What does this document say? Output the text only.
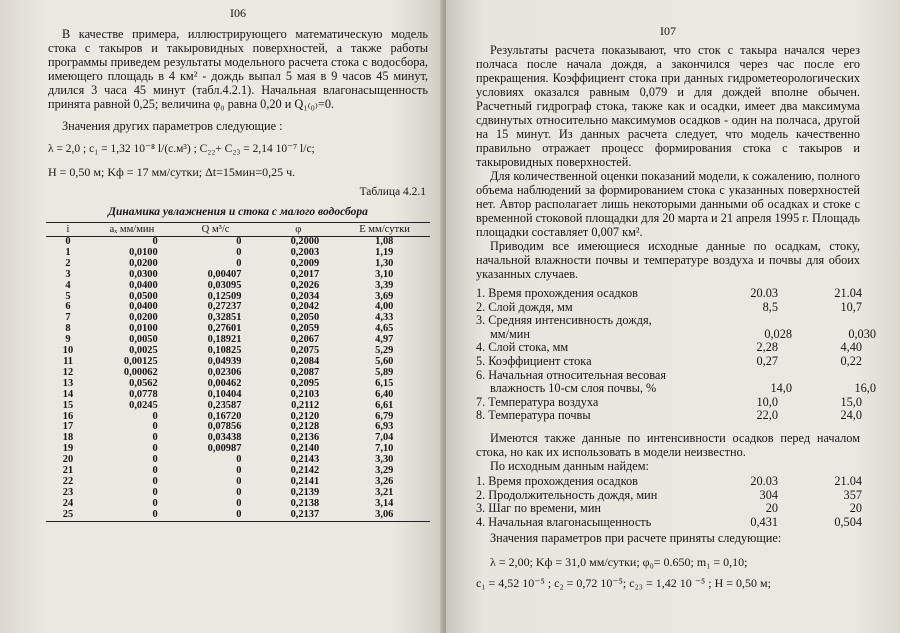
I06

В качестве примера, иллюстрирующего математическую модель стока с такыров и такыровидных поверхностей, а также работы программы приведем результаты модельного расчета стока с водосбора, имеющего площадь в 4 км² - дождь выпал 5 мая в 9 часов 45 минут, длился 3 часа 45 минут (табл.4.2.1). Начальная влагонасыщенность принята равной 0,25; величина φ₀ равна 0,20 и Q₁₍₀₎=0.

Значения других параметров следующие :

λ = 2,0 ; c₁ = 1,32 10⁻⁸ l/(c.м³) ; C₂₂+ C₂₃ = 2,14 10⁻⁷ l/c;
H = 0,50 м; Kф = 17 мм/сутки; Δt=15мин=0,25 ч.
Таблица 4.2.1
Динамика увлажнения и стока с малого водосбора
i	aₓ мм/мин	Q м³/с	φ	E мм/сутки
0	0	0	0,2000	1,08
1	0,0100	0	0,2003	1,19
2	0,0200	0	0,2009	1,30
3	0,0300	0,00407	0,2017	3,10
4	0,0400	0,03095	0,2026	3,39
5	0,0500	0,12509	0,2034	3,69
6	0,0400	0,27237	0,2042	4,00
7	0,0200	0,32851	0,2050	4,33
8	0,0100	0,27601	0,2059	4,65
9	0,0050	0,18921	0,2067	4,97
10	0,0025	0,10825	0,2075	5,29
11	0,00125	0,04939	0,2084	5,60
12	0,00062	0,02306	0,2087	5,89
13	0,0562	0,00462	0,2095	6,15
14	0,0778	0,10404	0,2103	6,40
15	0,0245	0,23587	0,2112	6,61
16	0	0,16720	0,2120	6,79
17	0	0,07856	0,2128	6,93
18	0	0,03438	0,2136	7,04
19	0	0,00987	0,2140	7,10
20	0	0	0,2143	3,30
21	0	0	0,2142	3,29
22	0	0	0,2141	3,26
23	0	0	0,2139	3,21
24	0	0	0,2138	3,14
25	0	0	0,2137	3,06
I07

Результаты расчета показывают, что сток с такыра начался через полчаса после начала дождя, а закончился через час после его прекращения. Коэффициент стока при данных гидрометеорологических условиях оказался равным 0,079 и для дождей вполне обычен. Расчетный гидрограф стока, также как и осадки, имеет два максимума сдвинутых относительно максимумов осадков - один на полчаса, другой на 15 минут. Из данных расчета следует, что модель качественно правильно отражает процесс формирования стока с такыров и такыровидных поверхностей.

Для количественной оценки показаний модели, к сожалению, полного объема наблюдений за формированием стока с указанных поверхностей нет. Автор располагает лишь некоторыми данными об осадках и стоке с временной стоковой площадки для 20 марта и 21 апреля 1995 г. Площадь площадки составляет 0,007 км².

Приводим все имеющиеся исходные данные по осадкам, стоку, начальной влажности почвы и температуре воздуха и почвы для обоих указанных случаев.

1. Время прохождения осадков	20.03	21.04
2. Слой дождя, мм	8,5	10,7
3. Средняя интенсивность дождя,
мм/мин	0,028	0,030
4. Слой стока, мм	2,28	4,40
5. Коэффициент стока	0,27	0,22
6. Начальная относительная весовая
влажность 10-см слоя почвы, %	14,0	16,0
7. Температура воздуха	10,0	15,0
8. Температура почвы	22,0	24,0

Имеются также данные по интенсивности осадков перед началом стока, но как их использовать в модели неизвестно.

По исходным данным найдем:

1. Время прохождения осадков	20.03	21.04
2. Продолжительность дождя, мин	304	357
3. Шаг по времени, мин	20	20
4. Начальная влагонасыщенность	0,431	0,504

Значения параметров при расчете приняты следующие:

λ = 2,00; Kф = 31,0 мм/сутки; φ₀= 0.650; m₁ = 0,10;
c₁ = 4,52 10⁻⁵ ; c₂ = 0,72 10⁻⁵; c₂₃ = 1,42 10 ⁻⁵ ; H = 0,50 м;
